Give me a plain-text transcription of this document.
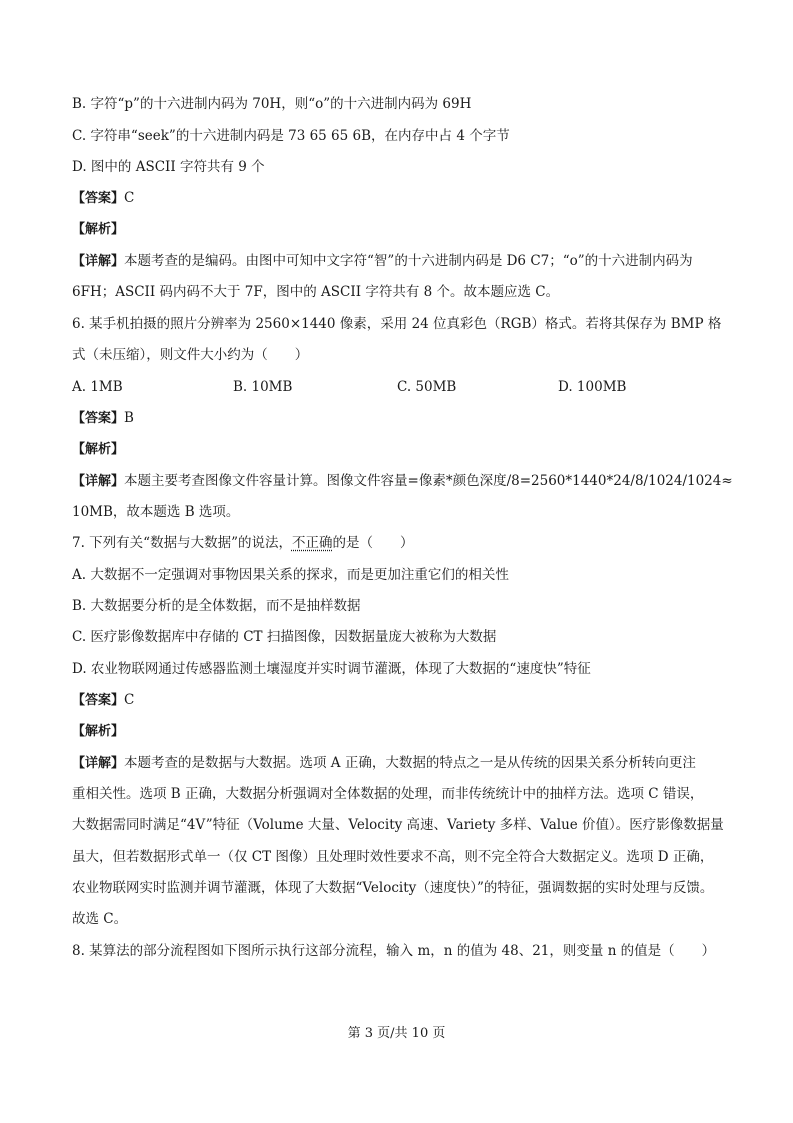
B. 字符“p”的十六进制内码为 70H，则“o”的十六进制内码为 69H
C. 字符串“seek”的十六进制内码是 73 65 65 6B，在内存中占 4 个字节
D. 图中的 ASCII 字符共有 9 个
【答案】C
【解析】
【详解】本题考查的是编码。由图中可知中文字符“智”的十六进制内码是 D6 C7；“o”的十六进制内码为
6FH；ASCII 码内码不大于 7F，图中的 ASCII 字符共有 8 个。故本题应选 C。
6. 某手机拍摄的照片分辨率为 2560×1440 像素，采用 24 位真彩色（RGB）格式。若将其保存为 BMP 格
式（未压缩），则文件大小约为（　　）
A. 1MB	B. 10MB	C. 50MB	D. 100MB
【答案】B
【解析】
【详解】本题主要考查图像文件容量计算。图像文件容量=像素*颜色深度/8=2560*1440*24/8/1024/1024≈
10MB，故本题选 B 选项。
7. 下列有关“数据与大数据”的说法，不正确的是（　　）
A. 大数据不一定强调对事物因果关系的探求，而是更加注重它们的相关性
B. 大数据要分析的是全体数据，而不是抽样数据
C. 医疗影像数据库中存储的 CT 扫描图像，因数据量庞大被称为大数据
D. 农业物联网通过传感器监测土壤湿度并实时调节灌溉，体现了大数据的“速度快”特征
【答案】C
【解析】
【详解】本题考查的是数据与大数据。选项 A 正确，大数据的特点之一是从传统的因果关系分析转向更注
重相关性。选项 B 正确，大数据分析强调对全体数据的处理，而非传统统计中的抽样方法。选项 C 错误，
大数据需同时满足“4V”特征（Volume 大量、Velocity 高速、Variety 多样、Value 价值）。医疗影像数据量
虽大，但若数据形式单一（仅 CT 图像）且处理时效性要求不高，则不完全符合大数据定义。选项 D 正确，
农业物联网实时监测并调节灌溉，体现了大数据“Velocity（速度快）”的特征，强调数据的实时处理与反馈。
故选 C。
8. 某算法的部分流程图如下图所示执行这部分流程，输入 m，n 的值为 48、21，则变量 n 的值是（　　）
第 3 页/共 10 页
